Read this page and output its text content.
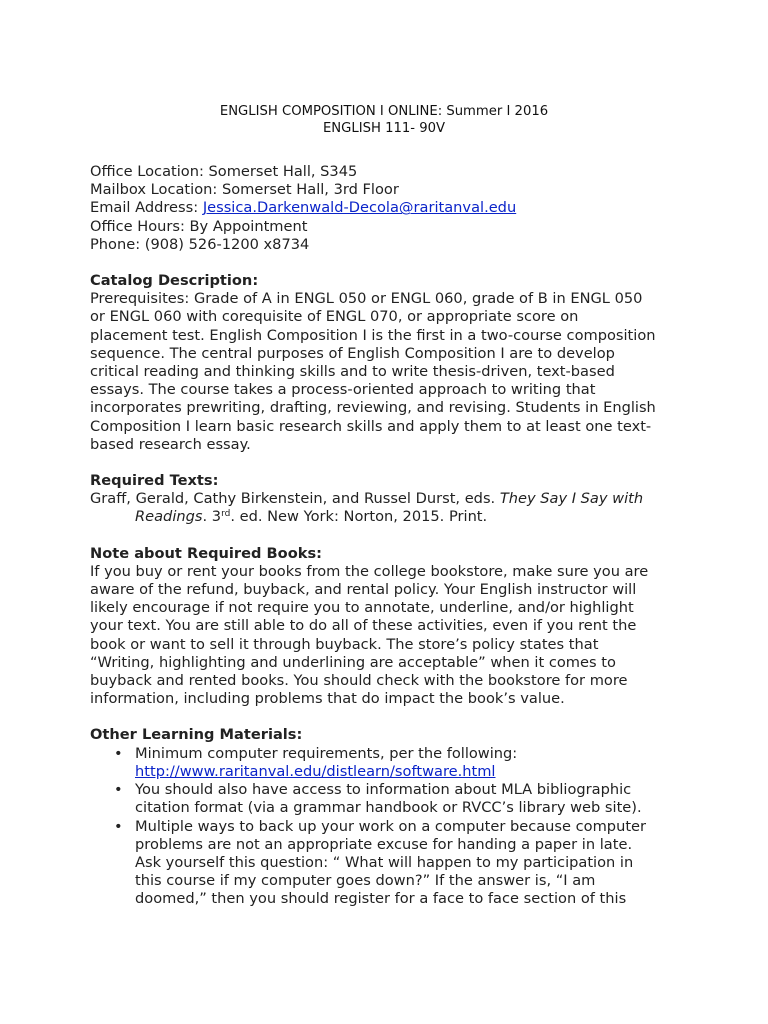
ENGLISH COMPOSITION I ONLINE: Summer I 2016
ENGLISH 111- 90V
Office Location: Somerset Hall, S345
Mailbox Location: Somerset Hall, 3rd Floor
Email Address: Jessica.Darkenwald-Decola@raritanval.edu
Office Hours: By Appointment
Phone: (908) 526-1200 x8734
Catalog Description:
Prerequisites: Grade of A in ENGL 050 or ENGL 060, grade of B in ENGL 050
or ENGL 060 with corequisite of ENGL 070, or appropriate score on
placement test. English Composition I is the first in a two-course composition
sequence. The central purposes of English Composition I are to develop
critical reading and thinking skills and to write thesis-driven, text-based
essays. The course takes a process-oriented approach to writing that
incorporates prewriting, drafting, reviewing, and revising. Students in English
Composition I learn basic research skills and apply them to at least one text-
based research essay.
Required Texts:
Graff, Gerald, Cathy Birkenstein, and Russel Durst, eds. They Say I Say with
Readings. 3rd. ed. New York: Norton, 2015. Print.
Note about Required Books:
If you buy or rent your books from the college bookstore, make sure you are
aware of the refund, buyback, and rental policy. Your English instructor will
likely encourage if not require you to annotate, underline, and/or highlight
your text. You are still able to do all of these activities, even if you rent the
book or want to sell it through buyback. The store’s policy states that
“Writing, highlighting and underlining are acceptable” when it comes to
buyback and rented books. You should check with the bookstore for more
information, including problems that do impact the book’s value.
Other Learning Materials:
• Minimum computer requirements, per the following:
http://www.raritanval.edu/distlearn/software.html
• You should also have access to information about MLA bibliographic
citation format (via a grammar handbook or RVCC’s library web site).
• Multiple ways to back up your work on a computer because computer
problems are not an appropriate excuse for handing a paper in late.
Ask yourself this question: “ What will happen to my participation in
this course if my computer goes down?” If the answer is, “I am
doomed,” then you should register for a face to face section of this
